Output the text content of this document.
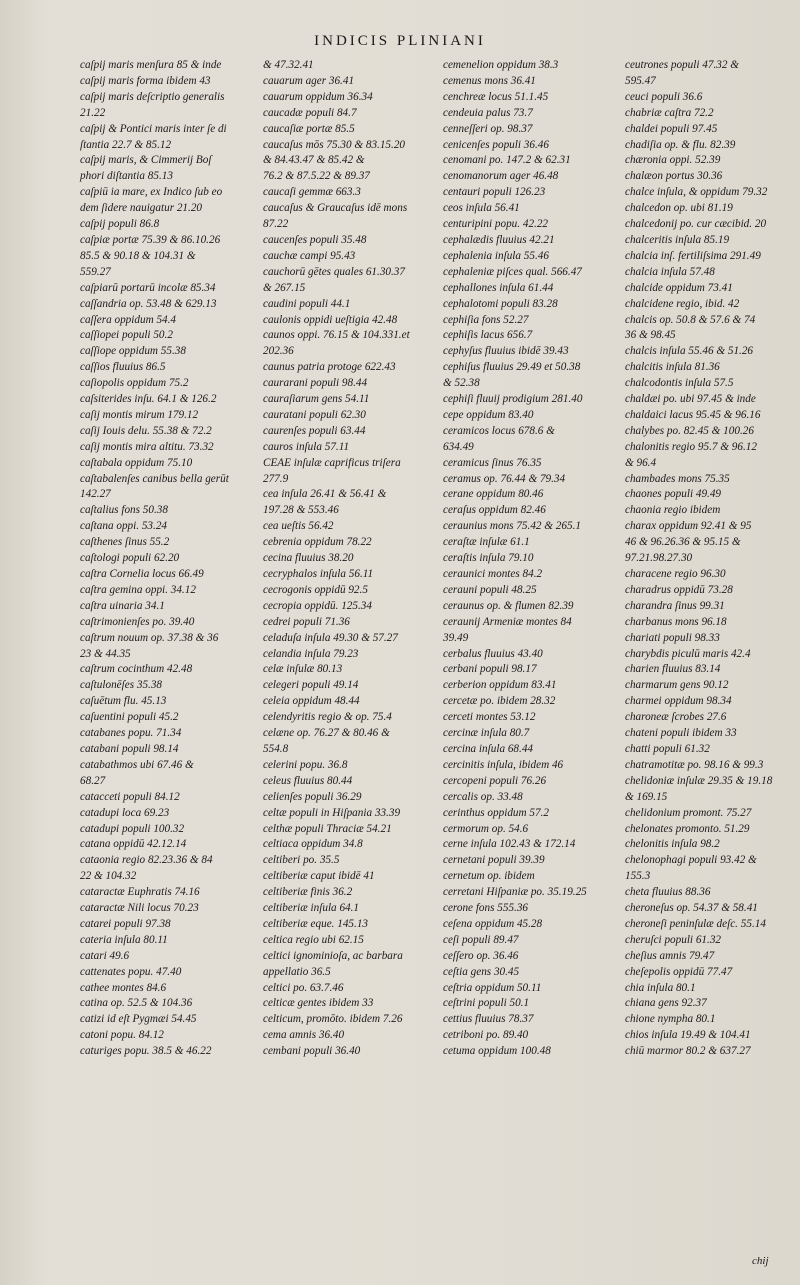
INDICIS PLINIANI
caſpij maris menſura 85 & inde
caſpij maris forma ibidem 43
caſpij maris deſcriptio generalis
21.22
caſpij & Pontici maris inter ſe di
ſtantia 22.7 & 85.12
caſpij maris, & Cimmerij Boſ
phori diſtantia 85.13
caſpiū ia mare, ex Indico ſub eo
dem ſidere nauigatur 21.20
caſpij populi 86.8
caſpiæ portæ 75.39 & 86.10.26
85.5 & 90.18 & 104.31 &
559.27
caſpiarū portarū incolæ 85.34
caſſandria op. 53.48 & 629.13
caſſera oppidum 54.4
caſſiopei populi 50.2
caſſiope oppidum 55.38
caſſios fluuius 86.5
caſiopolis oppidum 75.2
caſsiterides inſu. 64.1 & 126.2
caſij montis mirum 179.12
caſij Iouis delu. 55.38 & 72.2
caſij montis mira altitu. 73.32
caſtabala oppidum 75.10
caſtabalenſes canibus bella gerūt
142.27
caſtalius fons 50.38
caſtana oppi. 53.24
caſthenes ſinus 55.2
caſtologi populi 62.20
caſtra Cornelia locus 66.49
caſtra gemina oppi. 34.12
caſtra uinaria 34.1
caſtrimonienſes po. 39.40
caſtrum nouum op. 37.38 & 36
23 & 44.35
caſtrum cocinthum 42.48
caſtulonēſes 35.38
caſuētum flu. 45.13
caſuentini populi 45.2
catabanes popu. 71.34
catabani populi 98.14
catabathmos ubi 67.46 &
68.27
catacceti populi 84.12
catadupi loca 69.23
catadupi populi 100.32
catana oppidū 42.12.14
cataonia regio 82.23.36 & 84
22 & 104.32
cataractæ Euphratis 74.16
cataractæ Nili locus 70.23
catarei populi 97.38
cateria inſula 80.11
catari 49.6
cattenates popu. 47.40
cathee montes 84.6
catina op. 52.5 & 104.36
catizi id eſt Pygmæi 54.45
catoni popu. 84.12
caturiges popu. 38.5 & 46.22
& 47.32.41
cauarum ager 36.41
cauarum oppidum 36.34
caucadæ populi 84.7
caucaſiæ portæ 85.5
caucaſus mōs 75.30 & 83.15.20
& 84.43.47 & 85.42 &
76.2 & 87.5.22 & 89.37
caucaſi gemmæ 663.3
caucaſus & Graucaſus idē mons
87.22
caucenſes populi 35.48
cauchæ campi 95.43
cauchorū gētes quales 61.30.37
& 267.15
caudini populi 44.1
caulonis oppidi ueſtigia 42.48
caunos oppi. 76.15 & 104.331.et
202.36
caunus patria protoge 622.43
caurarani populi 98.44
cauraſiarum gens 54.11
cauratani populi 62.30
caurenſes populi 63.44
cauros inſula 57.11
CEAE inſulæ caprificus triſera
277.9
cea inſula 26.41 & 56.41 &
197.28 & 553.46
cea ueſtis 56.42
cebrenia oppidum 78.22
cecina fluuius 38.20
cecryphalos inſula 56.11
cecrogonis oppidū 92.5
cecropia oppidū. 125.34
cedrei populi 71.36
celaduſa inſula 49.30 & 57.27
celandia inſula 79.23
celæ inſulæ 80.13
celegeri populi 49.14
celeia oppidum 48.44
celendyritis regio & op. 75.4
celæne op. 76.27 & 80.46 &
554.8
celerini popu. 36.8
celeus fluuius 80.44
celienſes populi 36.29
celtæ populi in Hiſpania 33.39
celthæ populi Thraciæ 54.21
celtiaca oppidum 34.8
celtiberi po. 35.5
celtiberiæ caput ibidē 41
celtiberiæ finis 36.2
celtiberiæ inſula 64.1
celtiberiæ eque. 145.13
celtica regio ubi 62.15
celtici ignominioſa, ac barbara
appellatio 36.5
celtici po. 63.7.46
celticæ gentes ibidem 33
celticum, promōto. ibidem 7.26
cema amnis 36.40
cembani populi 36.40
cemenelion oppidum 38.3
cemenus mons 36.41
cenchreæ locus 51.1.45
cendeuia palus 73.7
cenneſſeri op. 98.37
cenicenſes populi 36.46
cenomani po. 147.2 & 62.31
cenomanorum ager 46.48
centauri populi 126.23
ceos inſula 56.41
centuripini popu. 42.22
cephalædis fluuius 42.21
cephalenia inſula 55.46
cephaleniæ piſces qual. 566.47
cephallones inſula 61.44
cephalotomi populi 83.28
cephiſia fons 52.27
cephiſis lacus 656.7
cephyſus fluuius ibidē 39.43
cephiſus fluuius 29.49 et 50.38
& 52.38
cephiſi fluuij prodigium 281.40
cepe oppidum 83.40
ceramicos locus 678.6 &
634.49
ceramicus ſinus 76.35
ceramus op. 76.44 & 79.34
cerane oppidum 80.46
ceraſus oppidum 82.46
ceraunius mons 75.42 & 265.1
ceraſtæ inſulæ 61.1
ceraſtis inſula 79.10
ceraunici montes 84.2
cerauni populi 48.25
ceraunus op. & flumen 82.39
ceraunij Armeniæ montes 84
39.49
cerbalus fluuius 43.40
cerbani populi 98.17
cerberion oppidum 83.41
cercetæ po. ibidem 28.32
cerceti montes 53.12
cercinæ inſula 80.7
cercina inſula 68.44
cercinitis inſula, ibidem 46
cercopeni populi 76.26
cercalis op. 33.48
cerinthus oppidum 57.2
cermorum op. 54.6
cerne inſula 102.43 & 172.14
cernetani populi 39.39
cernetum op. ibidem
cerretani Hiſpaniæ po. 35.19.25
cerone fons 555.36
ceſena oppidum 45.28
ceſi populi 89.47
ceſſero op. 36.46
ceſtia gens 30.45
ceſtria oppidum 50.11
ceſtrini populi 50.1
cettius fluuius 78.37
cetriboni po. 89.40
cetuma oppidum 100.48
ceutrones populi 47.32 &
595.47
ceuci populi 36.6
chabriæ caſtra 72.2
chaldei populi 97.45
chadiſia op. & flu. 82.39
chæronia oppi. 52.39
chalæon portus 30.36
chalce inſula, & oppidum 79.32
chalcedon op. ubi 81.19
chalcedonij po. cur cæcibid. 20
chalceritis inſula 85.19
chalcia inſ. fertiliſsima 291.49
chalcia inſula 57.48
chalcide oppidum 73.41
chalcidene regio, ibid. 42
chalcis op. 50.8 & 57.6 & 74
36 & 98.45
chalcis inſula 55.46 & 51.26
chalcitis inſula 81.36
chalcodontis inſula 57.5
chaldæi po. ubi 97.45 & inde
chaldaici lacus 95.45 & 96.16
chalybes po. 82.45 & 100.26
chalonitis regio 95.7 & 96.12
& 96.4
chambades mons 75.35
chaones populi 49.49
chaonia regio ibidem
charax oppidum 92.41 & 95
46 & 96.26.36 & 95.15 &
97.21.98.27.30
characene regio 96.30
charadrus oppidū 73.28
charandra ſinus 99.31
charbanus mons 96.18
chariati populi 98.33
charybdis piculū maris 42.4
charien fluuius 83.14
charmarum gens 90.12
charmei oppidum 98.34
charoneæ ſcrobes 27.6
chateni populi ibidem 33
chatti populi 61.32
chatramotitæ po. 98.16 & 99.3
chelidoniæ inſulæ 29.35 & 19.18
& 169.15
chelidonium promont. 75.27
chelonates promonto. 51.29
chelonitis inſula 98.2
chelonophagi populi 93.42 &
155.3
cheta fluuius 88.36
cheroneſus op. 54.37 & 58.41
cheroneſi peninſulæ deſc. 55.14
cheruſci populi 61.32
cheſius amnis 79.47
cheſepolis oppidū 77.47
chia inſula 80.1
chiana gens 92.37
chione nympha 80.1
chios inſula 19.49 & 104.41
chiū marmor 80.2 & 637.27
chij
